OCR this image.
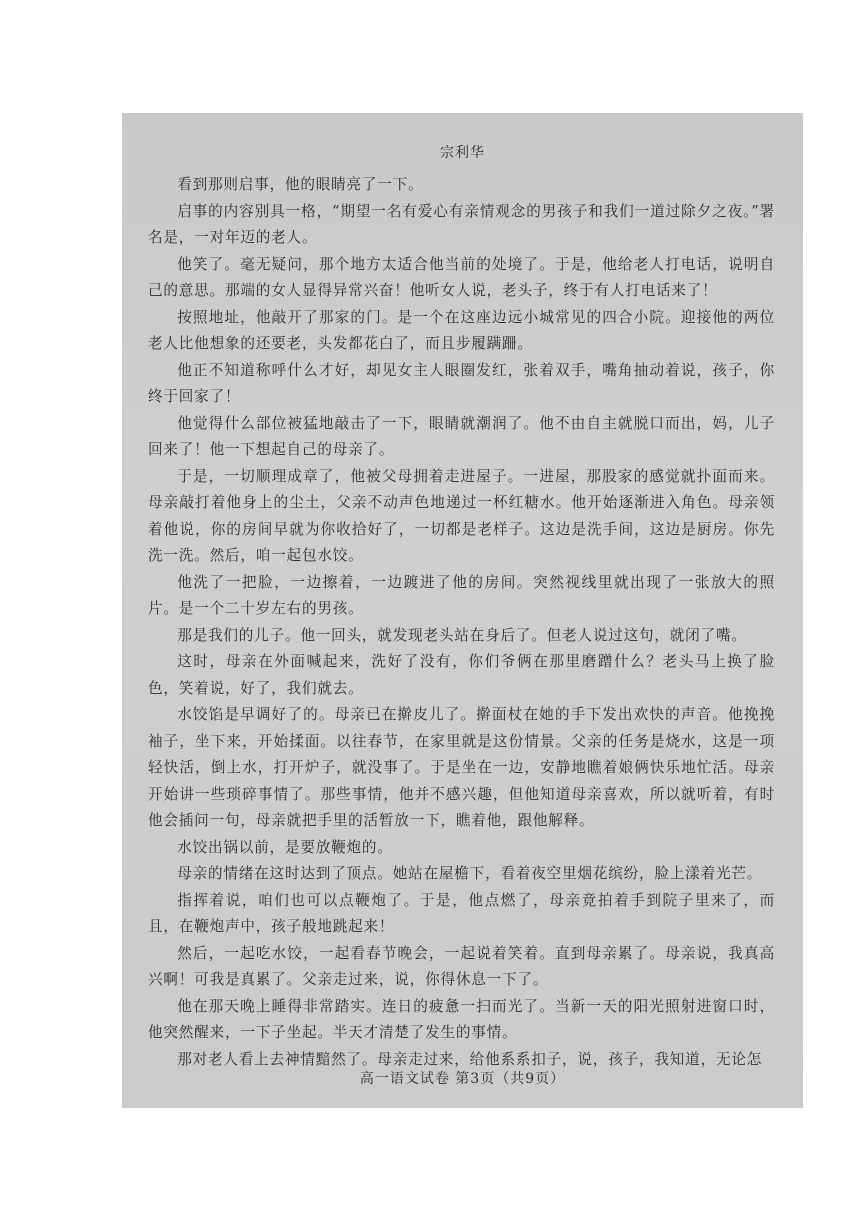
宗利华

看到那则启事，他的眼睛亮了一下。

启事的内容别具一格，“期望一名有爱心有亲情观念的男孩子和我们一道过除夕之夜。”署名是，一对年迈的老人。

他笑了。毫无疑问，那个地方太适合他当前的处境了。于是，他给老人打电话，说明自己的意思。那端的女人显得异常兴奋！他听女人说，老头子，终于有人打电话来了！

按照地址，他敲开了那家的门。是一个在这座边远小城常见的四合小院。迎接他的两位老人比他想象的还要老，头发都花白了，而且步履蹒跚。

他正不知道称呼什么才好，却见女主人眼圈发红，张着双手，嘴角抽动着说，孩子，你终于回家了！

他觉得什么部位被猛地敲击了一下，眼睛就潮润了。他不由自主就脱口而出，妈，儿子回来了！他一下想起自己的母亲了。

于是，一切顺理成章了，他被父母拥着走进屋子。一进屋，那股家的感觉就扑面而来。母亲敲打着他身上的尘土，父亲不动声色地递过一杯红糖水。他开始逐渐进入角色。母亲领着他说，你的房间早就为你收拾好了，一切都是老样子。这边是洗手间，这边是厨房。你先洗一洗。然后，咱一起包水饺。

他洗了一把脸，一边擦着，一边踱进了他的房间。突然视线里就出现了一张放大的照片。是一个二十岁左右的男孩。

那是我们的儿子。他一回头，就发现老头站在身后了。但老人说过这句，就闭了嘴。

这时，母亲在外面喊起来，洗好了没有，你们爷俩在那里磨蹭什么？老头马上换了脸色，笑着说，好了，我们就去。

水饺馅是早调好了的。母亲已在擀皮儿了。擀面杖在她的手下发出欢快的声音。他挽挽袖子，坐下来，开始揉面。以往春节，在家里就是这份情景。父亲的任务是烧水，这是一项轻快活，倒上水，打开炉子，就没事了。于是坐在一边，安静地瞧着娘俩快乐地忙活。母亲开始讲一些琐碎事情了。那些事情，他并不感兴趣，但他知道母亲喜欢，所以就听着，有时他会插问一句，母亲就把手里的活暂放一下，瞧着他，跟他解释。

水饺出锅以前，是要放鞭炮的。

母亲的情绪在这时达到了顶点。她站在屋檐下，看着夜空里烟花缤纷，脸上漾着光芒。

指挥着说，咱们也可以点鞭炮了。于是，他点燃了，母亲竟拍着手到院子里来了，而且，在鞭炮声中，孩子般地跳起来！

然后，一起吃水饺，一起看春节晚会，一起说着笑着。直到母亲累了。母亲说，我真高兴啊！可我是真累了。父亲走过来，说，你得休息一下了。

他在那天晚上睡得非常踏实。连日的疲惫一扫而光了。当新一天的阳光照射进窗口时，他突然醒来，一下子坐起。半天才清楚了发生的事情。

那对老人看上去神情黯然了。母亲走过来，给他系系扣子，说，孩子，我知道，无论怎

高一语文试卷 第3页（共9页）
